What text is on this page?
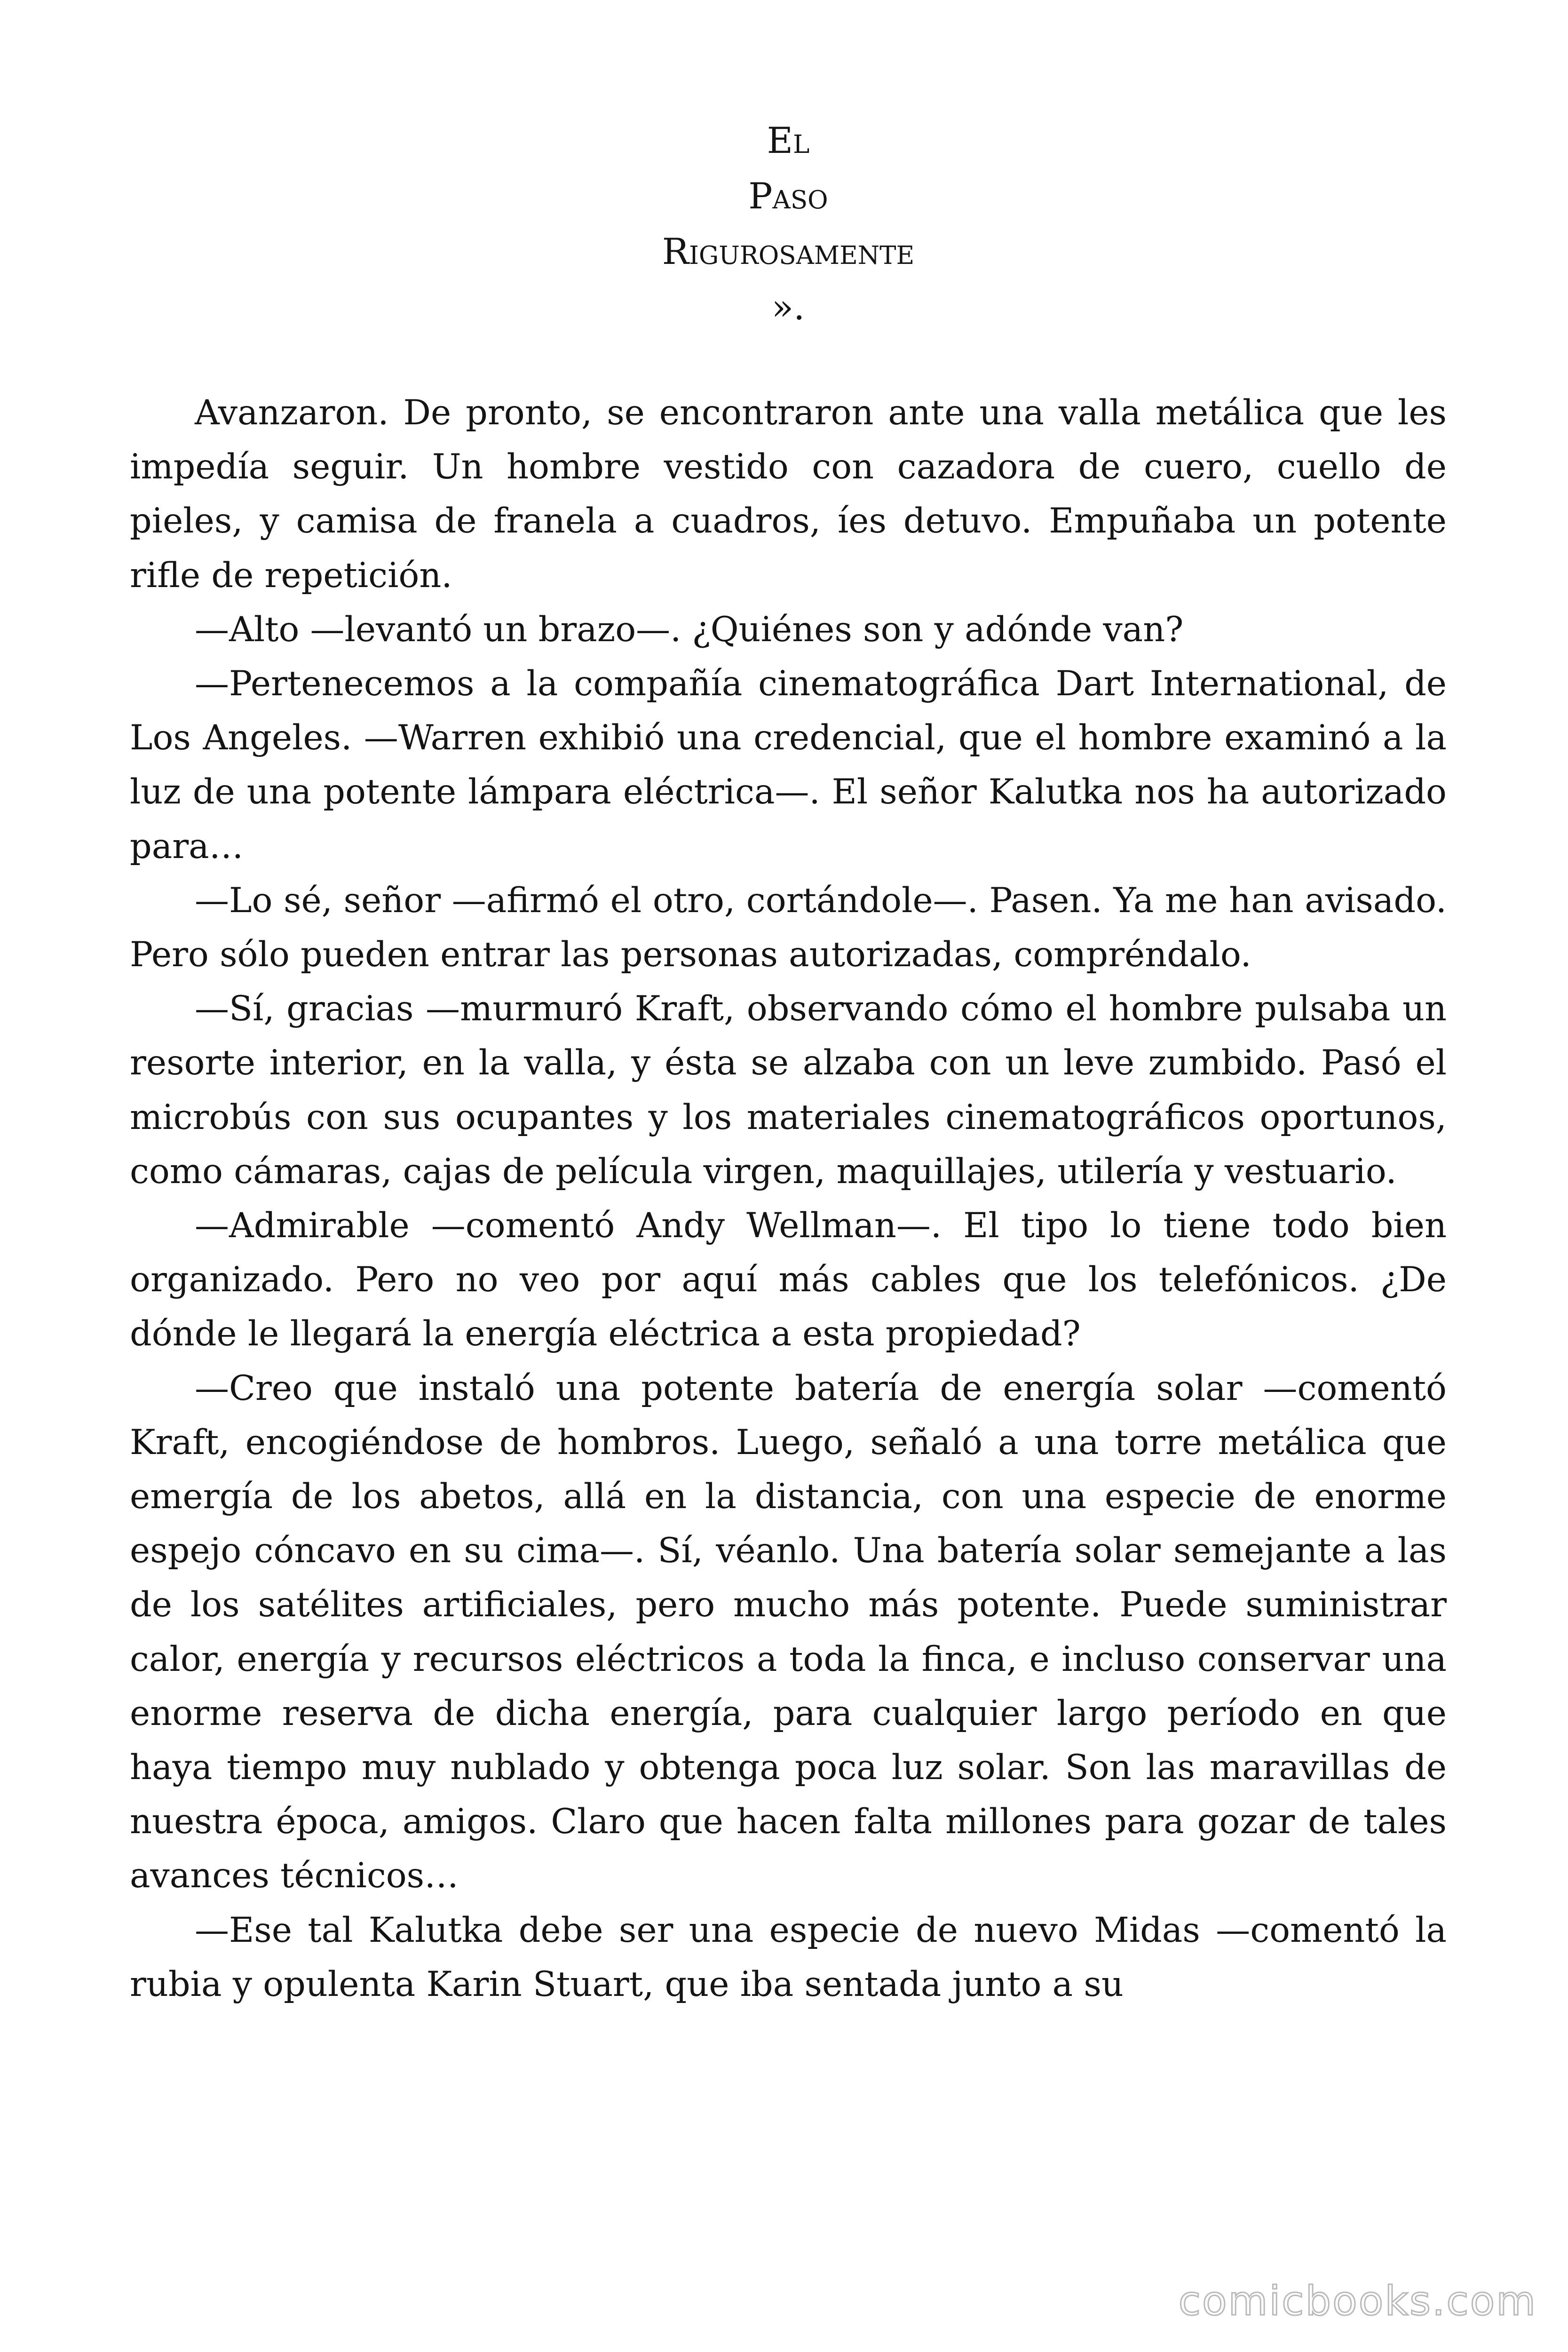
El
Paso
Rigurosamente
».

Avanzaron. De pronto, se encontraron ante una valla metálica que les impedía seguir. Un hombre vestido con cazadora de cuero, cuello de pieles, y camisa de franela a cuadros, íes detuvo. Empuñaba un potente rifle de repetición.

—Alto —levantó un brazo—. ¿Quiénes son y adónde van?

—Pertenecemos a la compañía cinematográfica Dart International, de Los Angeles. —Warren exhibió una credencial, que el hombre examinó a la luz de una potente lámpara eléctrica—. El señor Kalutka nos ha autorizado para…

—Lo sé, señor —afirmó el otro, cortándole—. Pasen. Ya me han avisado. Pero sólo pueden entrar las personas autorizadas, compréndalo.

—Sí, gracias —murmuró Kraft, observando cómo el hombre pulsaba un resorte interior, en la valla, y ésta se alzaba con un leve zumbido. Pasó el microbús con sus ocupantes y los materiales cinematográficos oportunos, como cámaras, cajas de película virgen, maquillajes, utilería y vestuario.

—Admirable —comentó Andy Wellman—. El tipo lo tiene todo bien organizado. Pero no veo por aquí más cables que los telefónicos. ¿De dónde le llegará la energía eléctrica a esta propiedad?

—Creo que instaló una potente batería de energía solar —comentó Kraft, encogiéndose de hombros. Luego, señaló a una torre metálica que emergía de los abetos, allá en la distancia, con una especie de enorme espejo cóncavo en su cima—. Sí, véanlo. Una batería solar semejante a las de los satélites artificiales, pero mucho más potente. Puede suministrar calor, energía y recursos eléctricos a toda la finca, e incluso conservar una enorme reserva de dicha energía, para cualquier largo período en que haya tiempo muy nublado y obtenga poca luz solar. Son las maravillas de nuestra época, amigos. Claro que hacen falta millones para gozar de tales avances técnicos…

—Ese tal Kalutka debe ser una especie de nuevo Midas —comentó la rubia y opulenta Karin Stuart, que iba sentada junto a su

comicbooks.com
